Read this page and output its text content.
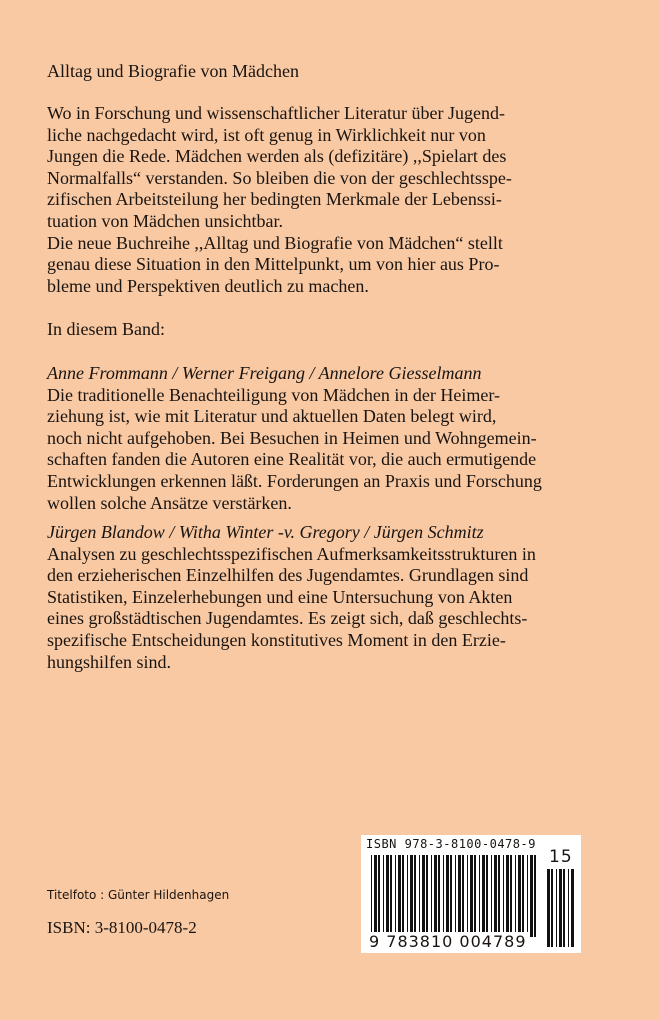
Alltag und Biografie von Mädchen

Wo in Forschung und wissenschaftlicher Literatur über Jugend-

liche nachgedacht wird, ist oft genug in Wirklichkeit nur von

Jungen die Rede. Mädchen werden als (defizitäre) ,,Spielart des

Normalfalls“ verstanden. So bleiben die von der geschlechtsspe-

zifischen Arbeitsteilung her bedingten Merkmale der Lebenssi-

tuation von Mädchen unsichtbar.

Die neue Buchreihe ,,Alltag und Biografie von Mädchen“ stellt

genau diese Situation in den Mittelpunkt, um von hier aus Pro-

bleme und Perspektiven deutlich zu machen.

In diesem Band:

Anne Frommann / Werner Freigang / Annelore Giesselmann

Die traditionelle Benachteiligung von Mädchen in der Heimer-

ziehung ist, wie mit Literatur und aktuellen Daten belegt wird,

noch nicht aufgehoben. Bei Besuchen in Heimen und Wohngemein-

schaften fanden die Autoren eine Realität vor, die auch ermutigende

Entwicklungen erkennen läßt. Forderungen an Praxis und Forschung

wollen solche Ansätze verstärken.

Jürgen Blandow / Witha Winter -v. Gregory / Jürgen Schmitz

Analysen zu geschlechtsspezifischen Aufmerksamkeitsstrukturen in

den erzieherischen Einzelhilfen des Jugendamtes. Grundlagen sind

Statistiken, Einzelerhebungen und eine Untersuchung von Akten

eines großstädtischen Jugendamtes. Es zeigt sich, daß geschlechts-

spezifische Entscheidungen konstitutives Moment in den Erzie-

hungshilfen sind.

Titelfoto : Günter Hildenhagen
ISBN: 3-8100-0478-2
ISBN 978-3-8100-0478-9
9 783810 004789
15
